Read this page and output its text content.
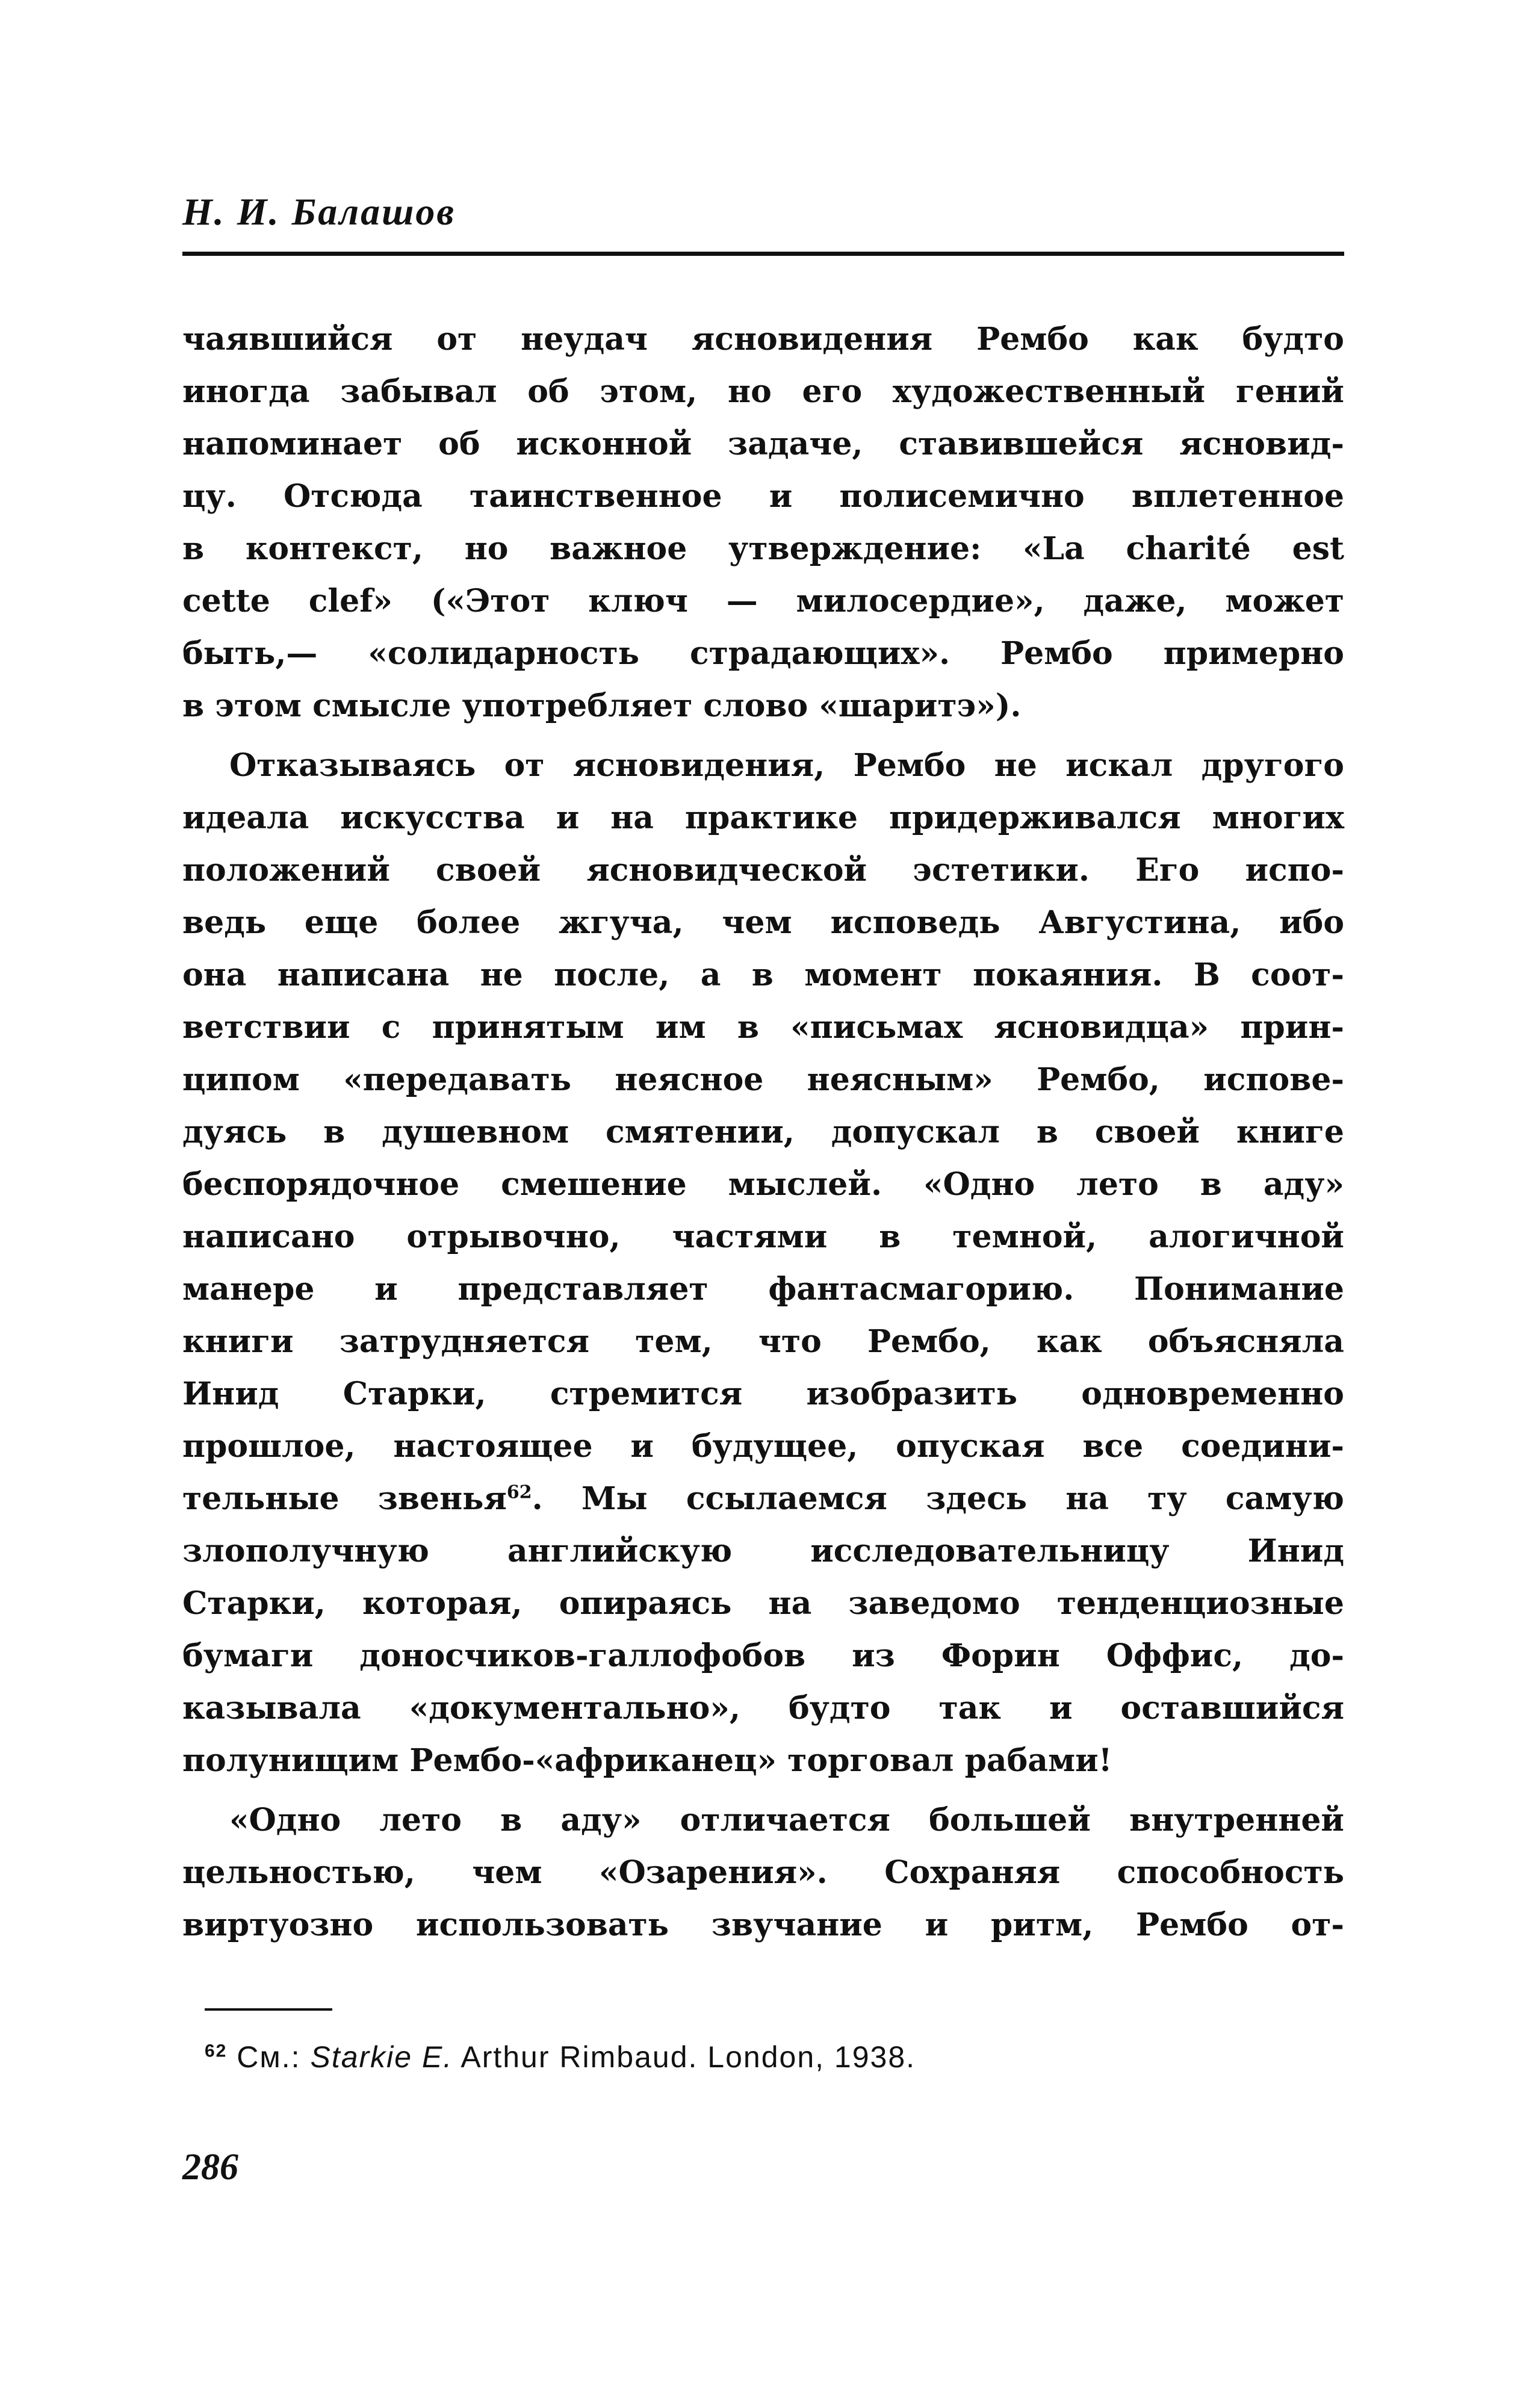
Н. И. Балашов
чаявшийся от неудач ясновидения Рембо как будто
иногда забывал об этом, но его художественный гений
напоминает об исконной задаче, ставившейся ясновид-
цу. Отсюда таинственное и полисемично вплетенное
в контекст, но важное утверждение: «La charité est
cette clef» («Этот ключ — милосердие», даже, может
быть,— «солидарность страдающих». Рембо примерно
в этом смысле употребляет слово «шаритэ»).
Отказываясь от ясновидения, Рембо не искал другого
идеала искусства и на практике придерживался многих
положений своей ясновидческой эстетики. Его испо-
ведь еще более жгуча, чем исповедь Августина, ибо
она написана не после, а в момент покаяния. В соот-
ветствии с принятым им в «письмах ясновидца» прин-
ципом «передавать неясное неясным» Рембо, испове-
дуясь в душевном смятении, допускал в своей книге
беспорядочное смешение мыслей. «Одно лето в аду»
написано отрывочно, частями в темной, алогичной
манере и представляет фантасмагорию. Понимание
книги затрудняется тем, что Рембо, как объясняла
Инид Старки, стремится изобразить одновременно
прошлое, настоящее и будущее, опуская все соедини-
тельные звенья$^{62}$. Мы ссылаемся здесь на ту самую
злополучную английскую исследовательницу Инид
Старки, которая, опираясь на заведомо тенденциозные
бумаги доносчиков-галлофобов из Форин Оффис, до-
казывала «документально», будто так и оставшийся
полунищим Рембо-«африканец» торговал рабами!
«Одно лето в аду» отличается большей внутренней
цельностью, чем «Озарения». Сохраняя способность
виртуозно использовать звучание и ритм, Рембо от-
$^{62}$ См.: Starkie E. Arthur Rimbaud. London, 1938.
286
